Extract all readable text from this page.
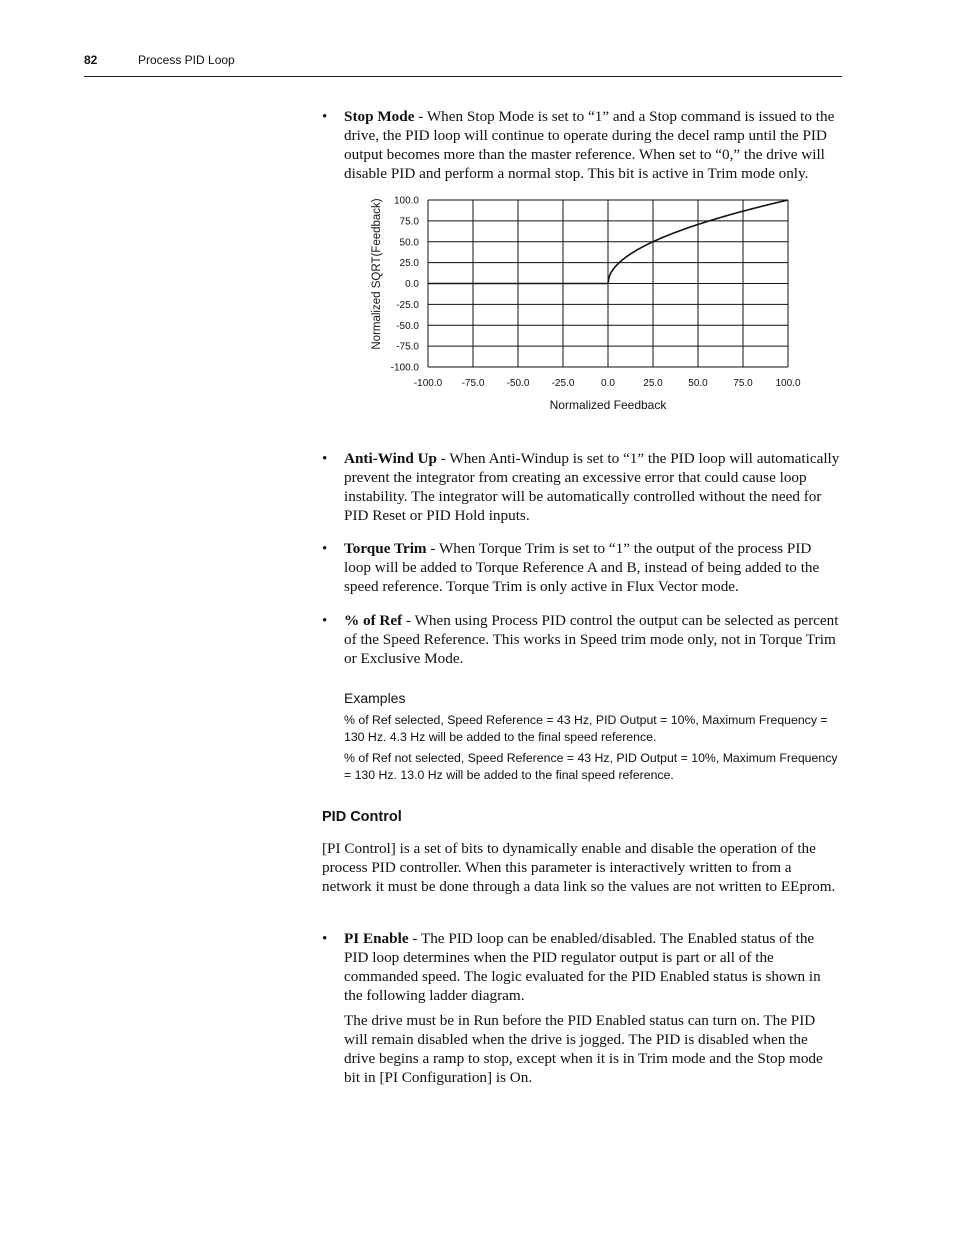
82	Process PID Loop

• Stop Mode - When Stop Mode is set to “1” and a Stop command is issued to the drive, the PID loop will continue to operate during the decel ramp until the PID output becomes more than the master reference. When set to “0,” the drive will disable PID and perform a normal stop. This bit is active in Trim mode only.

100.0
75.0
50.0
25.0
0.0
-25.0
-50.0
-75.0
-100.0
-100.0 -75.0 -50.0 -25.0	0.0	25.0	50.0	75.0 100.0
Normalized SQRT(Feedback)
Normalized Feedback

• Anti-Wind Up - When Anti-Windup is set to “1” the PID loop will automatically prevent the integrator from creating an excessive error that could cause loop instability. The integrator will be automatically controlled without the need for PID Reset or PID Hold inputs.

• Torque Trim - When Torque Trim is set to “1” the output of the process PID loop will be added to Torque Reference A and B, instead of being added to the speed reference. Torque Trim is only active in Flux Vector mode.

• % of Ref - When using Process PID control the output can be selected as percent of the Speed Reference. This works in Speed trim mode only, not in Torque Trim or Exclusive Mode.

Examples
% of Ref selected, Speed Reference = 43 Hz, PID Output = 10%, Maximum Frequency = 130 Hz. 4.3 Hz will be added to the final speed reference.
% of Ref not selected, Speed Reference = 43 Hz, PID Output = 10%, Maximum Frequency = 130 Hz. 13.0 Hz will be added to the final speed reference.
PID Control

[PI Control] is a set of bits to dynamically enable and disable the operation of the process PID controller. When this parameter is interactively written to from a network it must be done through a data link so the values are not written to EEprom.

• PI Enable - The PID loop can be enabled/disabled. The Enabled status of the PID loop determines when the PID regulator output is part or all of the commanded speed. The logic evaluated for the PID Enabled status is shown in the following ladder diagram.

The drive must be in Run before the PID Enabled status can turn on. The PID will remain disabled when the drive is jogged. The PID is disabled when the drive begins a ramp to stop, except when it is in Trim mode and the Stop mode bit in [PI Configuration] is On.
